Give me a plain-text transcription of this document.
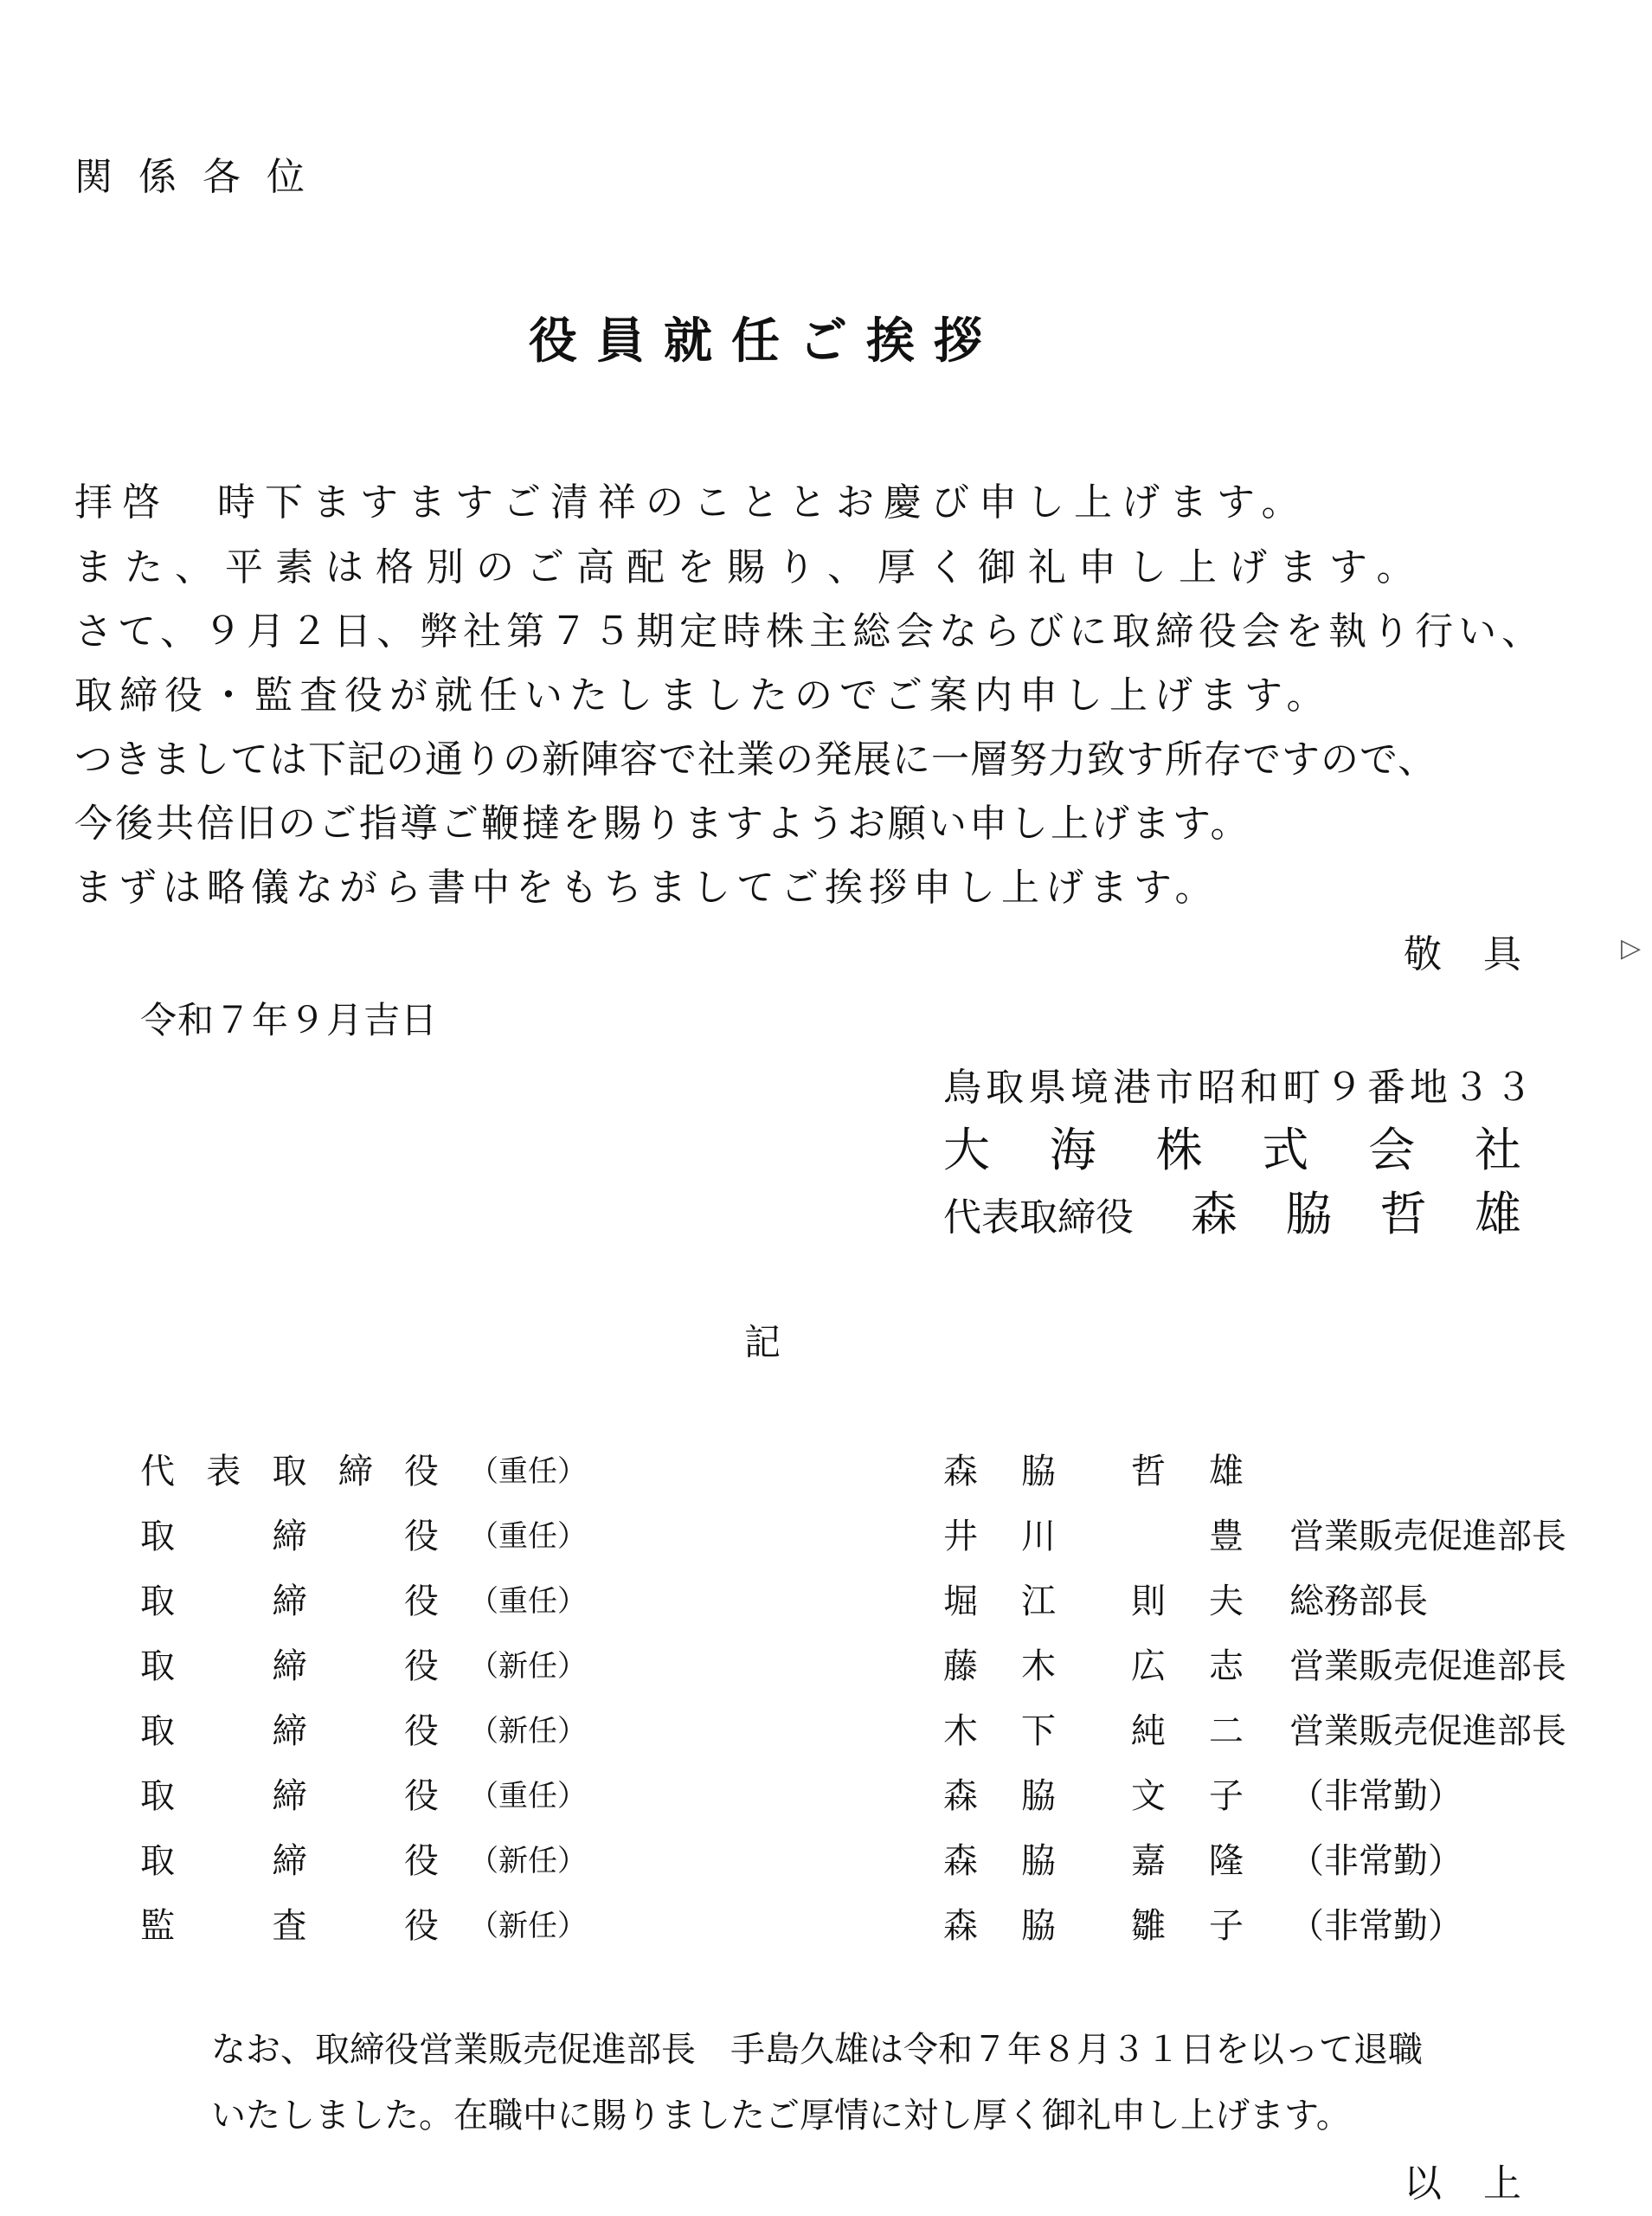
関係各位
役員就任ご挨拶
拝啓　時下ますますご清祥のこととお慶び申し上げます。
また、平素は格別のご高配を賜り、厚く御礼申し上げます。
さて、９月２日、弊社第７５期定時株主総会ならびに取締役会を執り行い、
取締役・監査役が就任いたしましたのでご案内申し上げます。
つきましては下記の通りの新陣容で社業の発展に一層努力致す所存ですので、
今後共倍旧のご指導ご鞭撻を賜りますようお願い申し上げます。
まずは略儀ながら書中をもちましてご挨拶申し上げます。
敬具 ▷
令和７年９月吉日
鳥取県境港市昭和町９番地３３
大 海 株 式 会 社
代表取締役 森 脇 哲 雄
記
代 表 取 締 役 （重任）	森 脇 哲 雄
取	締	役 （重任）	井 川	豊 営業販売促進部長
取	締	役 （重任）	堀 江 則 夫 総務部長
取	締	役 （新任）	藤 木 広 志 営業販売促進部長
取	締	役 （新任）	木 下 純 二 営業販売促進部長
取	締	役 （重任）	森 脇 文 子 （非常勤）
取	締	役 （新任）	森 脇 嘉 隆 （非常勤）
監	査	役 （新任）	森 脇 雛 子 （非常勤）
なお、取締役営業販売促進部長　手島久雄は令和７年８月３１日を以って退職
いたしました。在職中に賜りましたご厚情に対し厚く御礼申し上げます。
以上
